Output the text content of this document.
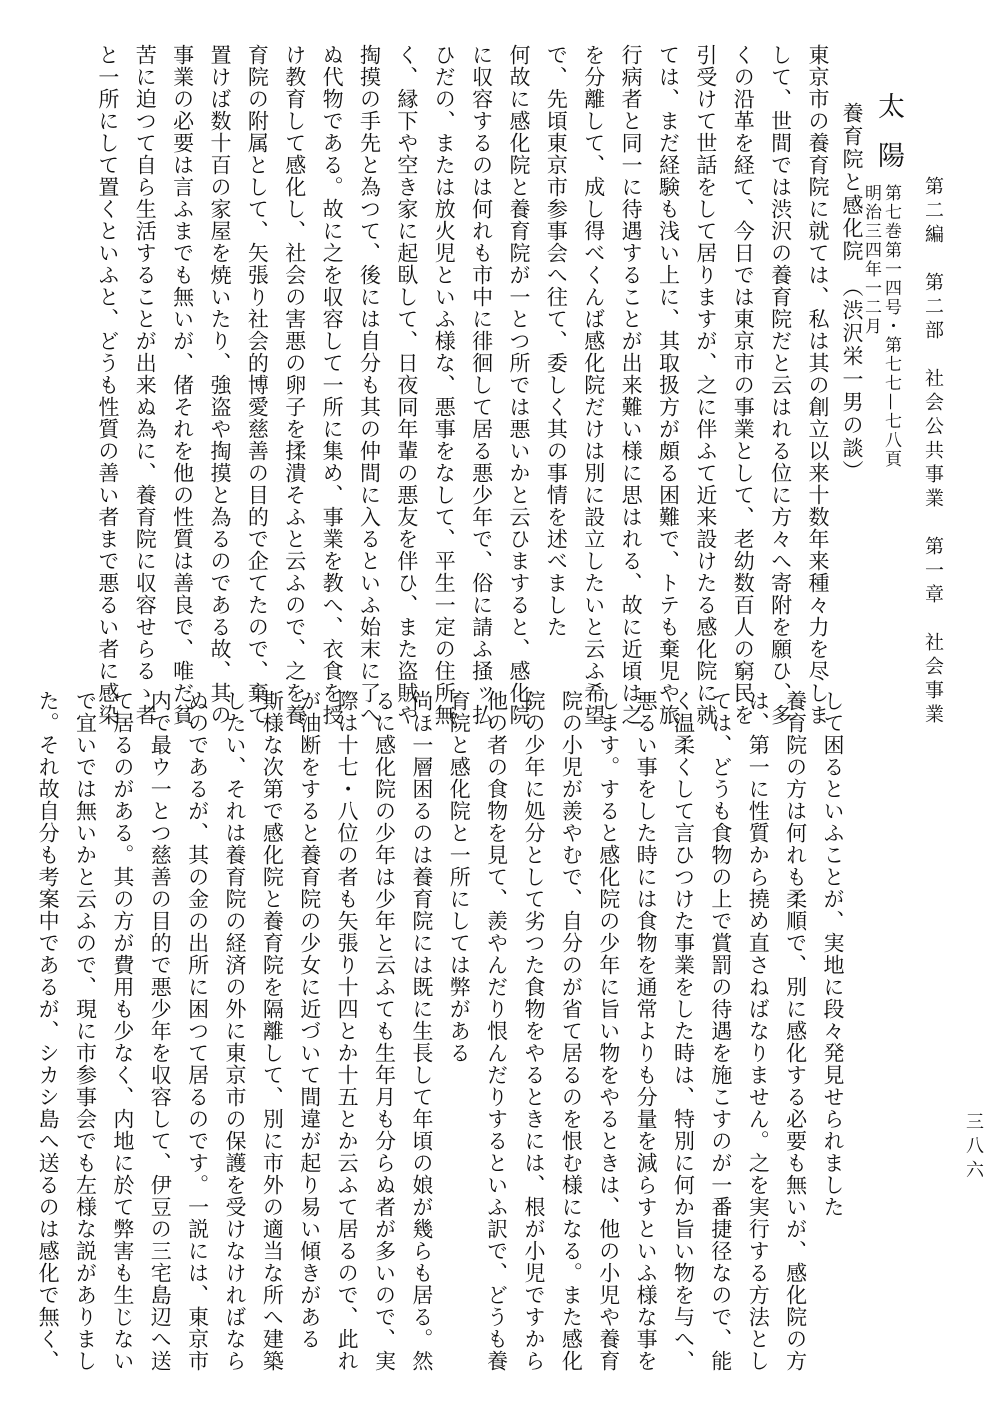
第二編　第二部　社会公共事業　第一章　社会事業
三八六
太陽
第七巻第一四号・第七七—七八頁
明治三四年一二月
養育院と感化院
（渋沢栄一男の談）
東京市の養育院に就ては、私は其の創立以来十数年来種々力を尽しま
して、世間では渋沢の養育院だと云はれる位に方々へ寄附を願ひ、多
くの沿革を経て、今日では東京市の事業として、老幼数百人の窮民を
引受けて世話をして居りますが、之に伴ふて近来設けたる感化院に就
ては、まだ経験も浅い上に、其取扱方が頗る困難で、トテも棄児や旅
行病者と同一に待遇することが出来難い様に思はれる、故に近頃は之
を分離して、成し得べくんば感化院だけは別に設立したいと云ふ希望
で、先頃東京市参事会へ往て、委しく其の事情を述べました
何故に感化院と養育院が一とつ所では悪いかと云ひますると、感化院
に収容するのは何れも市中に徘徊して居る悪少年で、俗に請ふ掻ッ払
ひだの、または放火児といふ様な、悪事をなして、平生一定の住所無
く、縁下や空き家に起臥して、日夜同年輩の悪友を伴ひ、また盗賊や
掏摸の手先と為つて、後には自分も其の仲間に入るといふ始末に了へ
ぬ代物である。故に之を収容して一所に集め、事業を教へ、衣食を授
け教育して感化し、社会の害悪の卵子を揉潰そふと云ふので、之を養
育院の附属として、矢張り社会的博愛慈善の目的で企てたので、棄て
置けば数十百の家屋を焼いたり、強盗や掏摸と為るのである故、其の
事業の必要は言ふまでも無いが、偖それを他の性質は善良で、唯だ貧
苦に迫つて自ら生活することが出来ぬ為に、養育院に収容せらるゝ者
と一所にして置くといふと、どうも性質の善い者まで悪るい者に感染
して困るといふことが、実地に段々発見せられました
養育院の方は何れも柔順で、別に感化する必要も無いが、感化院の方
は、第一に性質から撓め直さねばなりません。之を実行する方法とし
ては、どうも食物の上で賞罰の待遇を施こすのが一番捷径なので、能
く温柔くして言ひつけた事業をした時は、特別に何か旨い物を与へ、
悪るい事をした時には食物を通常よりも分量を減らすといふ様な事を
します。すると感化院の少年に旨い物をやるときは、他の小児や養育
院の小児が羨やむで、自分のが省て居るのを恨む様になる。また感化
院の少年に処分として劣つた食物をやるときには、根が小児ですから
他の者の食物を見て、羨やんだり恨んだりするといふ訳で、どうも養
育院と感化院と一所にしては弊がある
尚ほ一層困るのは養育院には既に生長して年頃の娘が幾らも居る。然
るに感化院の少年は少年と云ふても生年月も分らぬ者が多いので、実
際は十七・八位の者も矢張り十四とか十五とか云ふて居るので、此れ
が油断をすると養育院の少女に近づいて間違が起り易い傾きがある
斯様な次第で感化院と養育院を隔離して、別に市外の適当な所へ建築
したい、それは養育院の経済の外に東京市の保護を受けなければなら
ぬのであるが、其の金の出所に困つて居るのです。一説には、東京市
内で最ウ一とつ慈善の目的で悪少年を収容して、伊豆の三宅島辺へ送
て居るのがある。其の方が費用も少なく、内地に於て弊害も生じない
で宜いでは無いかと云ふので、現に市参事会でも左様な説がありまし
た。それ故自分も考案中であるが、シカシ島へ送るのは感化で無く、
